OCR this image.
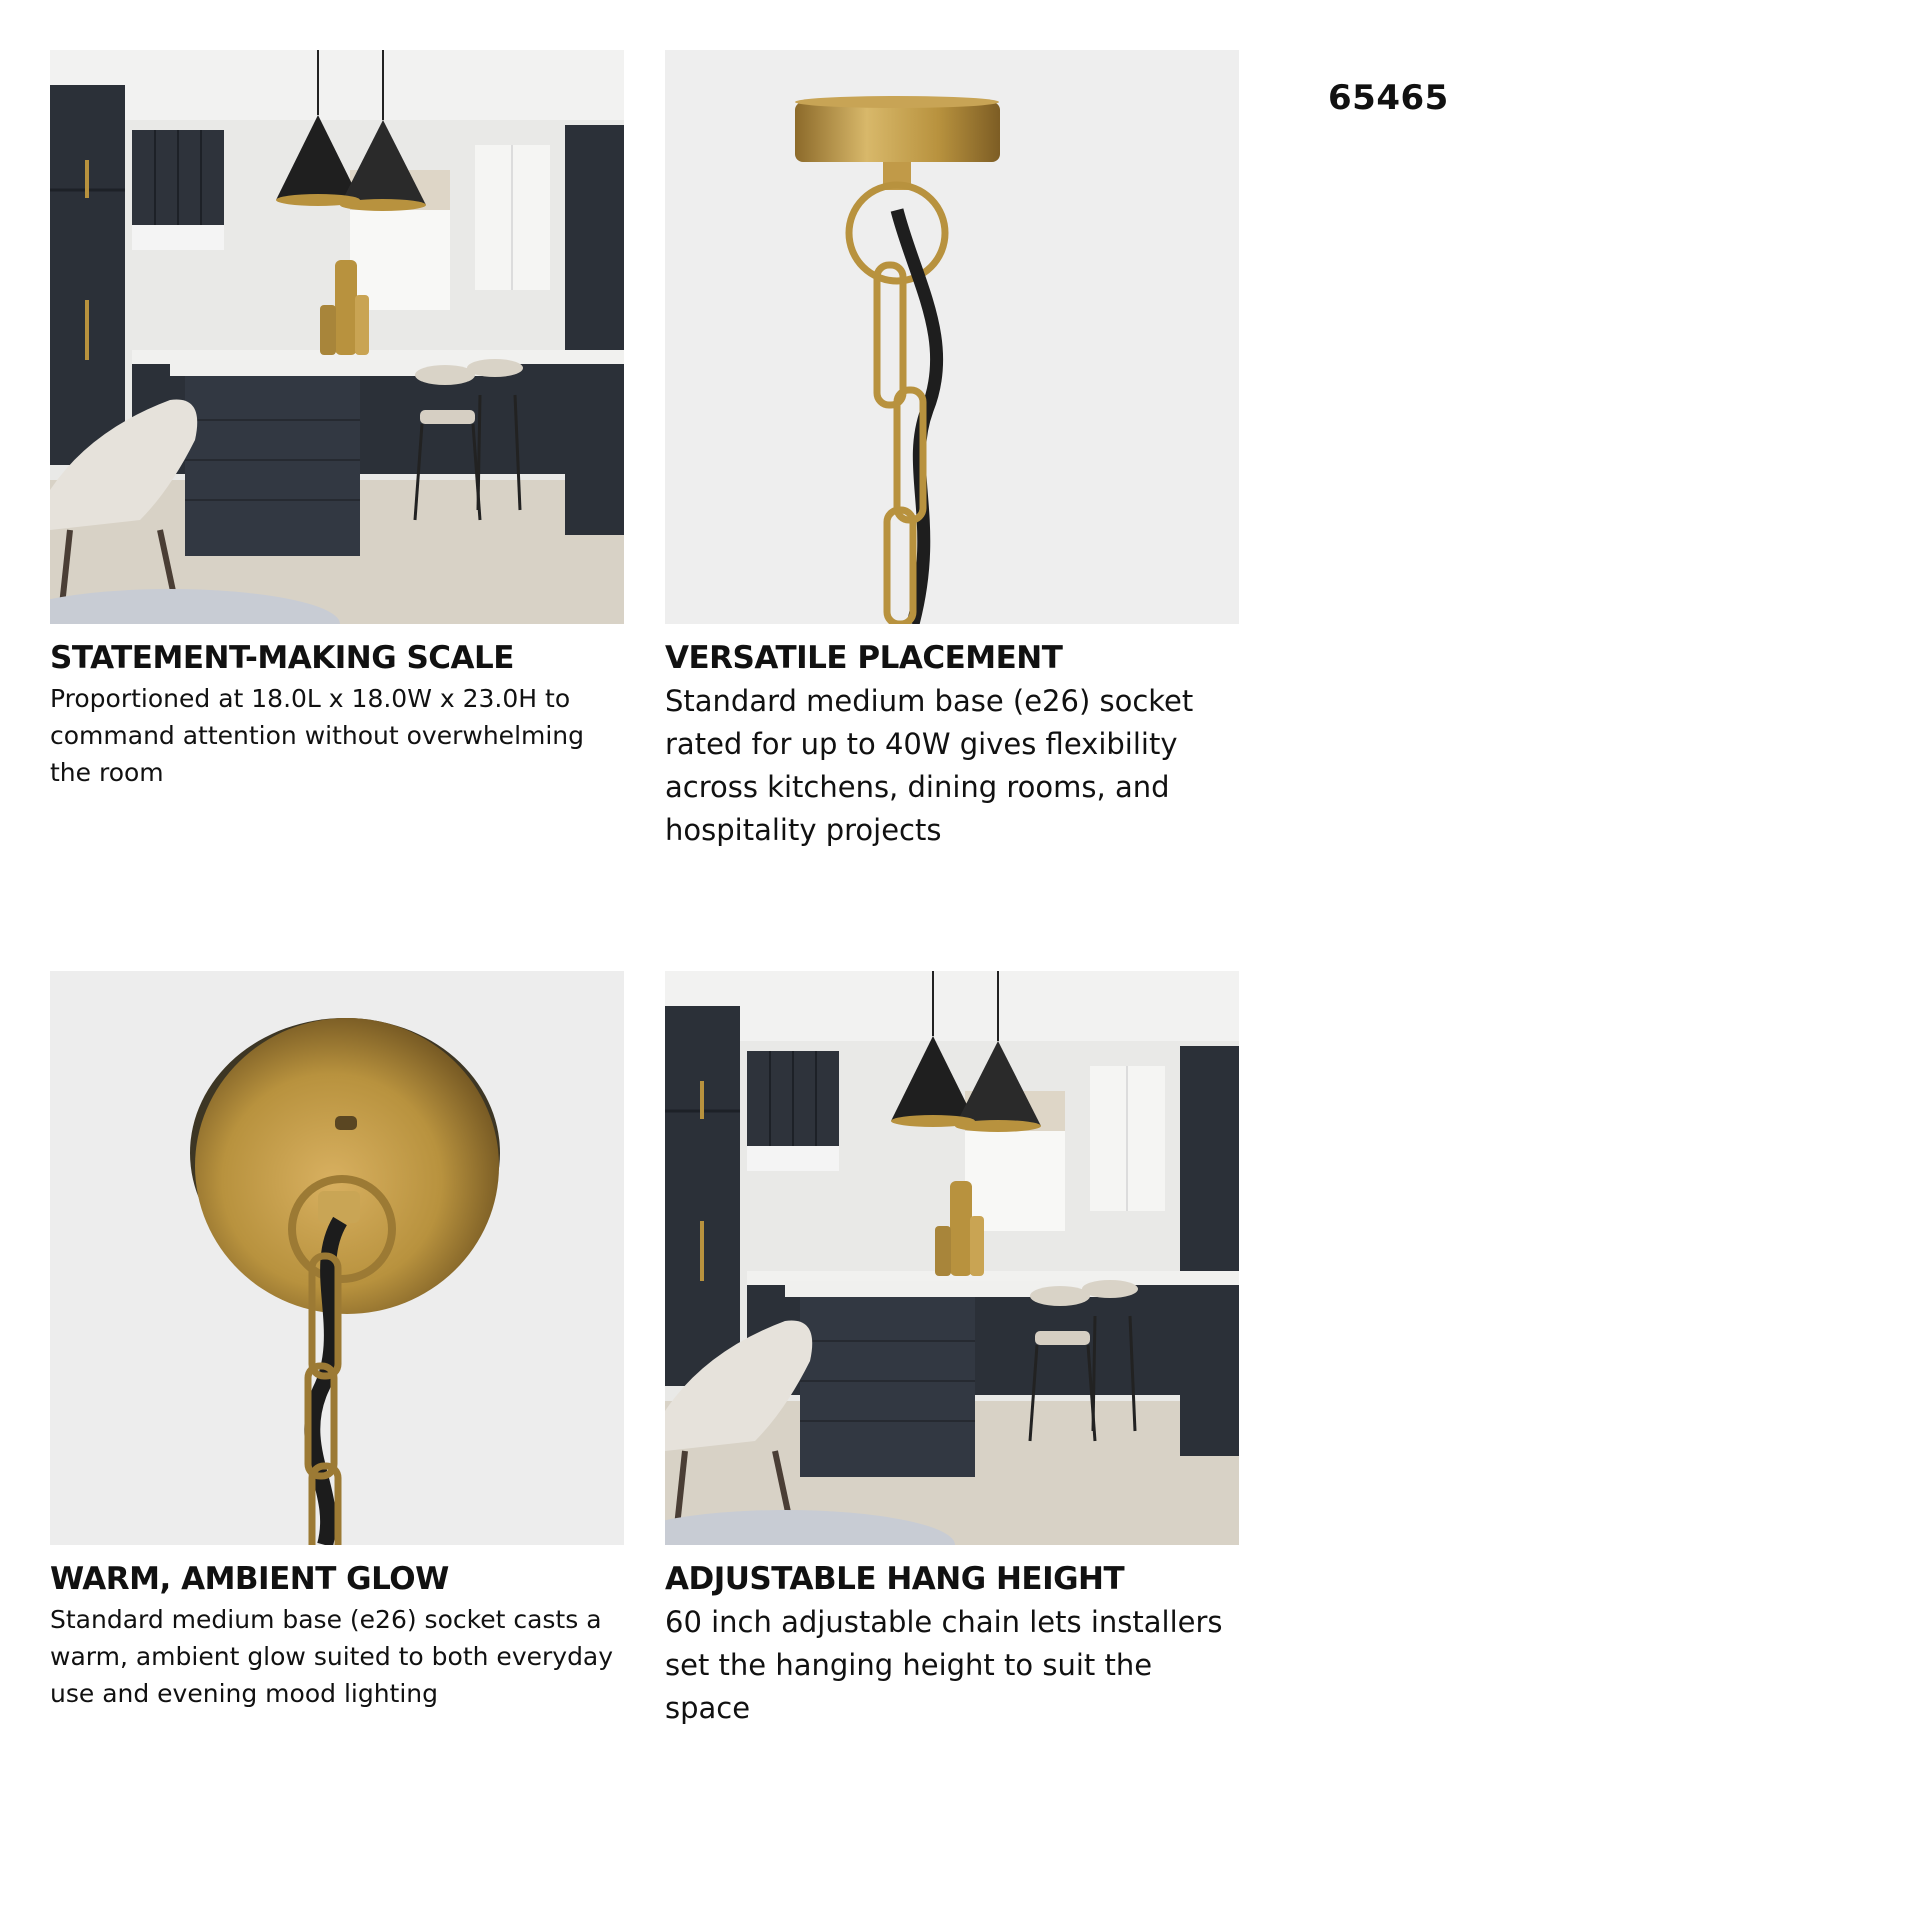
65465
STATEMENT-MAKING SCALE
Proportioned at 18.0L x 18.0W x 23.0H to command attention without overwhelming the room
VERSATILE PLACEMENT
Standard medium base (e26) socket rated for up to 40W gives flexibility across kitchens, dining rooms, and hospitality projects
WARM, AMBIENT GLOW
Standard medium base (e26) socket casts a warm, ambient glow suited to both everyday use and evening mood lighting
ADJUSTABLE HANG HEIGHT
60 inch adjustable chain lets installers set the hanging height to suit the space
